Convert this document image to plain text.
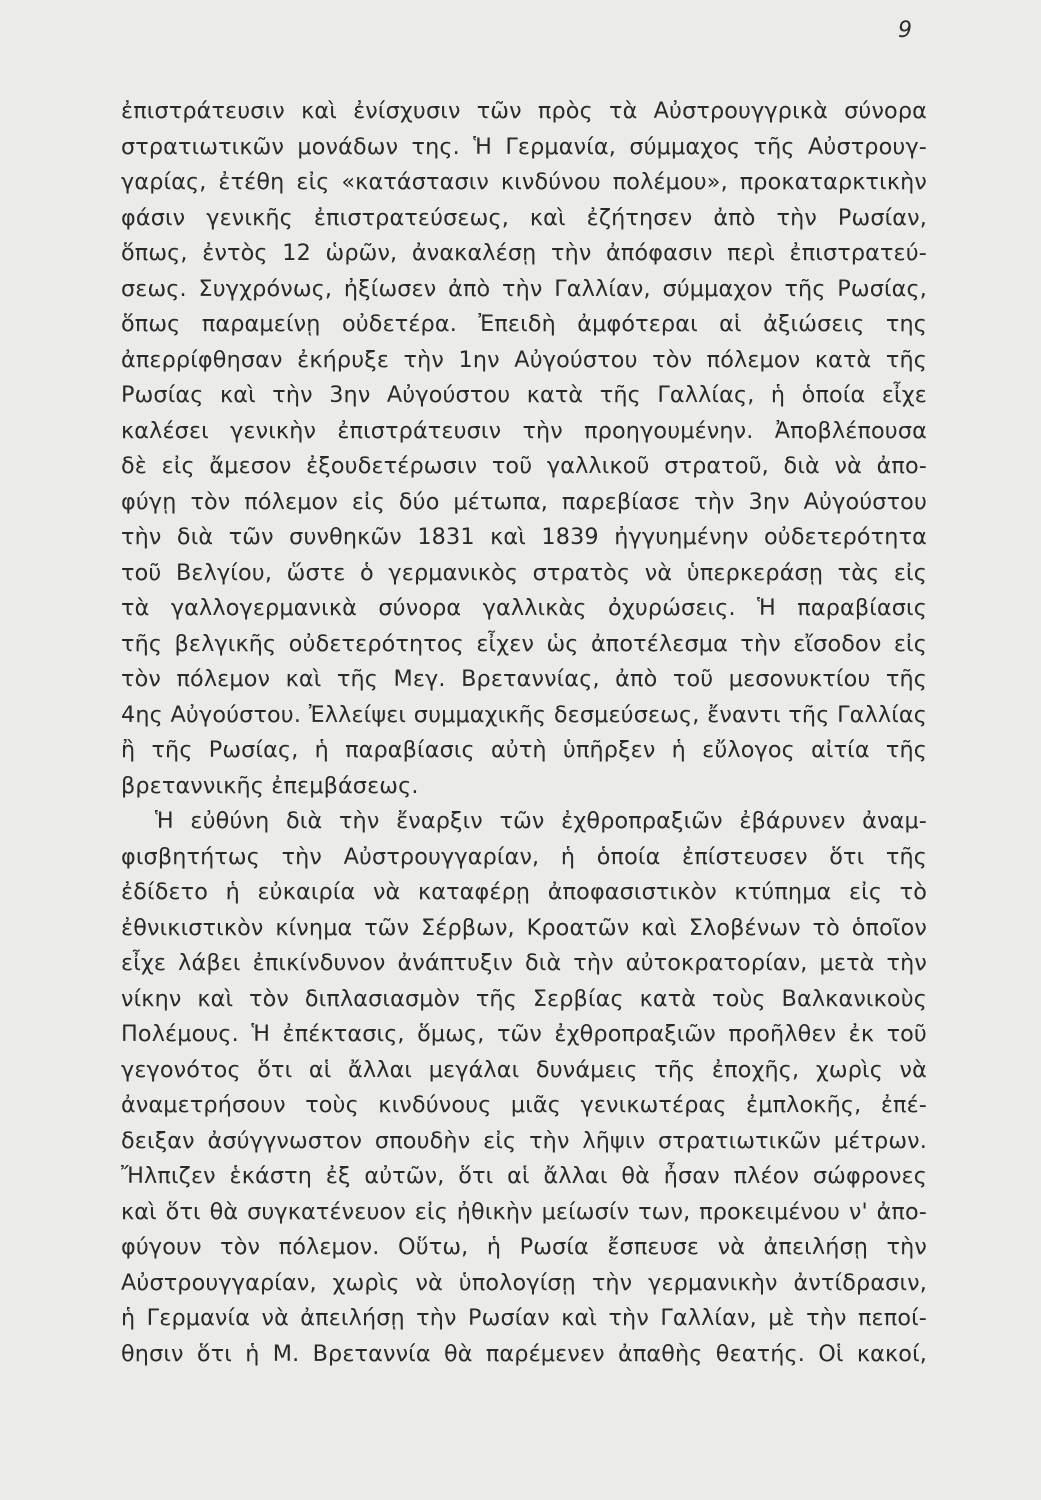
9
ἐπιστράτευσιν καὶ ἐνίσχυσιν τῶν πρὸς τὰ Αὐστρουγγρικὰ σύνορα
στρατιωτικῶν μονάδων της. Ἡ Γερμανία, σύμμαχος τῆς Αὐστρουγ-
γαρίας, ἐτέθη εἰς «κατάστασιν κινδύνου πολέμου», προκαταρκτικὴν
φάσιν γενικῆς ἐπιστρατεύσεως, καὶ ἐζήτησεν ἀπὸ τὴν Ρωσίαν,
ὅπως, ἐντὸς 12 ὡρῶν, ἀνακαλέσῃ τὴν ἀπόφασιν περὶ ἐπιστρατεύ-
σεως. Συγχρόνως, ἠξίωσεν ἀπὸ τὴν Γαλλίαν, σύμμαχον τῆς Ρωσίας,
ὅπως παραμείνῃ οὐδετέρα. Ἐπειδὴ ἀμφότεραι αἱ ἀξιώσεις της
ἀπερρίφθησαν ἐκήρυξε τὴν 1ην Αὐγούστου τὸν πόλεμον κατὰ τῆς
Ρωσίας καὶ τὴν 3ην Αὐγούστου κατὰ τῆς Γαλλίας, ἡ ὁποία εἶχε
καλέσει γενικὴν ἐπιστράτευσιν τὴν προηγουμένην. Ἀποβλέπουσα
δὲ εἰς ἄμεσον ἐξουδετέρωσιν τοῦ γαλλικοῦ στρατοῦ, διὰ νὰ ἀπο-
φύγῃ τὸν πόλεμον εἰς δύο μέτωπα, παρεβίασε τὴν 3ην Αὐγούστου
τὴν διὰ τῶν συνθηκῶν 1831 καὶ 1839 ἠγγυημένην οὐδετερότητα
τοῦ Βελγίου, ὥστε ὁ γερμανικὸς στρατὸς νὰ ὑπερκεράσῃ τὰς εἰς
τὰ γαλλογερμανικὰ σύνορα γαλλικὰς ὀχυρώσεις. Ἡ παραβίασις
τῆς βελγικῆς οὐδετερότητος εἶχεν ὡς ἀποτέλεσμα τὴν εἴσοδον εἰς
τὸν πόλεμον καὶ τῆς Μεγ. Βρεταννίας, ἀπὸ τοῦ μεσονυκτίου τῆς
4ης Αὐγούστου. Ἐλλείψει συμμαχικῆς δεσμεύσεως, ἔναντι τῆς Γαλλίας
ἢ τῆς Ρωσίας, ἡ παραβίασις αὐτὴ ὑπῆρξεν ἡ εὔλογος αἰτία τῆς
βρεταννικῆς ἐπεμβάσεως.
Ἡ εὐθύνη διὰ τὴν ἔναρξιν τῶν ἐχθροπραξιῶν ἐβάρυνεν ἀναμ-
φισβητήτως τὴν Αὐστρουγγαρίαν, ἡ ὁποία ἐπίστευσεν ὅτι τῆς
ἐδίδετο ἡ εὐκαιρία νὰ καταφέρῃ ἀποφασιστικὸν κτύπημα εἰς τὸ
ἐθνικιστικὸν κίνημα τῶν Σέρβων, Κροατῶν καὶ Σλοβένων τὸ ὁποῖον
εἶχε λάβει ἐπικίνδυνον ἀνάπτυξιν διὰ τὴν αὐτοκρατορίαν, μετὰ τὴν
νίκην καὶ τὸν διπλασιασμὸν τῆς Σερβίας κατὰ τοὺς Βαλκανικοὺς
Πολέμους. Ἡ ἐπέκτασις, ὅμως, τῶν ἐχθροπραξιῶν προῆλθεν ἐκ τοῦ
γεγονότος ὅτι αἱ ἄλλαι μεγάλαι δυνάμεις τῆς ἐποχῆς, χωρὶς νὰ
ἀναμετρήσουν τοὺς κινδύνους μιᾶς γενικωτέρας ἐμπλοκῆς, ἐπέ-
δειξαν ἀσύγγνωστον σπουδὴν εἰς τὴν λῆψιν στρατιωτικῶν μέτρων.
Ἤλπιζεν ἑκάστη ἐξ αὐτῶν, ὅτι αἱ ἄλλαι θὰ ἦσαν πλέον σώφρονες
καὶ ὅτι θὰ συγκατένευον εἰς ἠθικὴν μείωσίν των, προκειμένου ν' ἀπο-
φύγουν τὸν πόλεμον. Οὕτω, ἡ Ρωσία ἔσπευσε νὰ ἀπειλήσῃ τὴν
Αὐστρουγγαρίαν, χωρὶς νὰ ὑπολογίσῃ τὴν γερμανικὴν ἀντίδρασιν,
ἡ Γερμανία νὰ ἀπειλήσῃ τὴν Ρωσίαν καὶ τὴν Γαλλίαν, μὲ τὴν πεποί-
θησιν ὅτι ἡ Μ. Βρεταννία θὰ παρέμενεν ἀπαθὴς θεατής. Οἱ κακοί,
